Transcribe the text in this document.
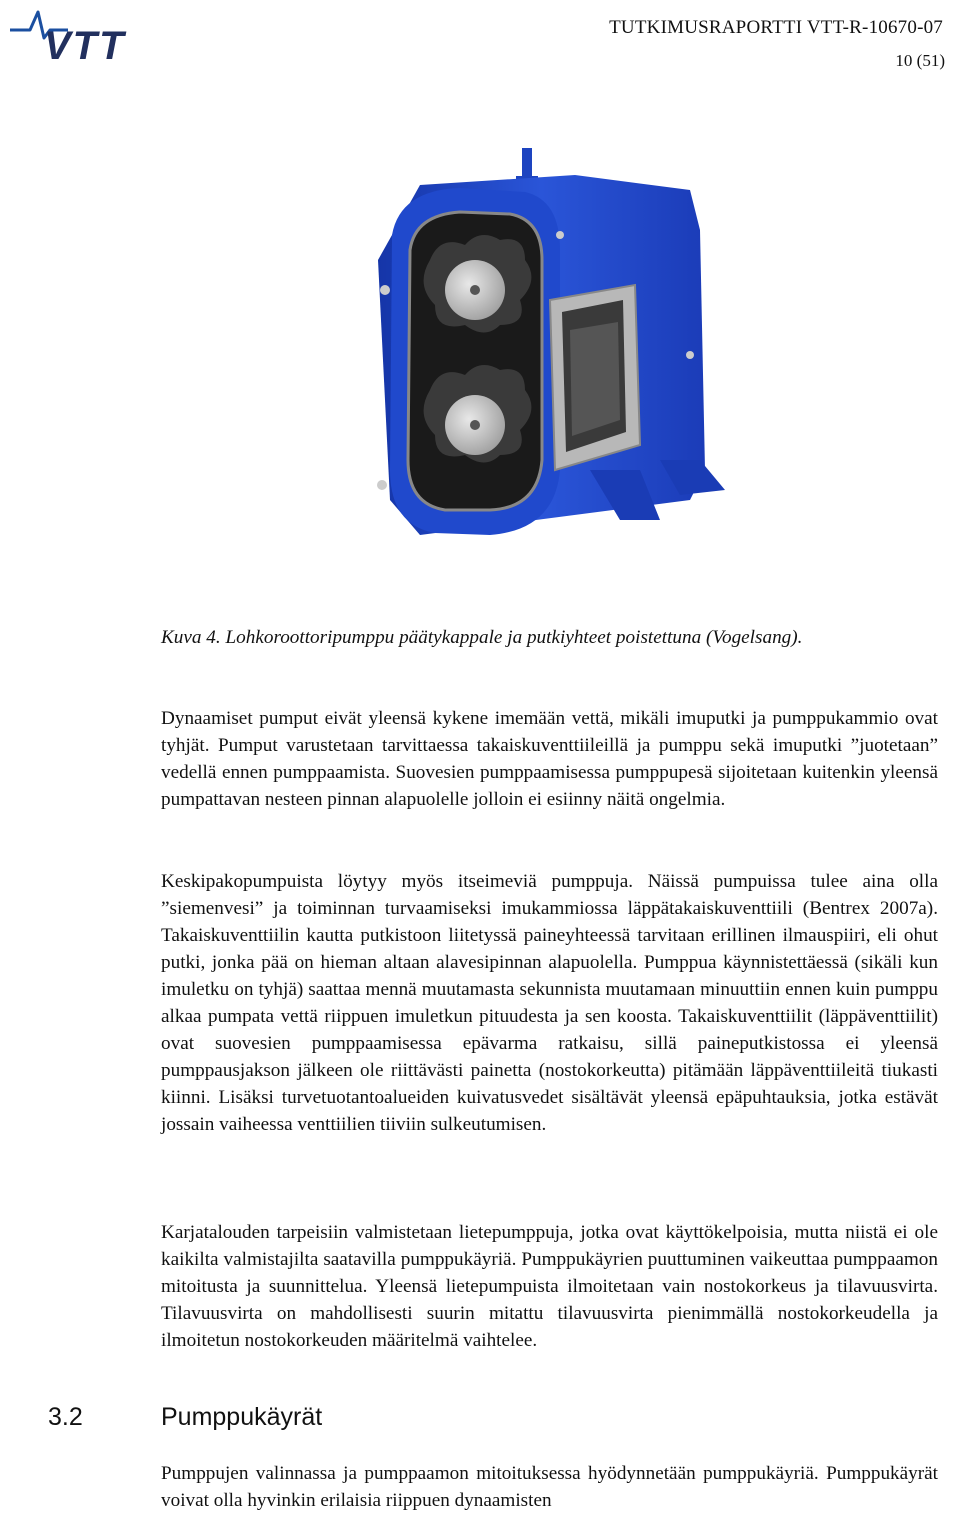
VTT	TUTKIMUSRAPORTTI VTT-R-10670-07
10 (51)
Kuva 4. Lohkoroottoripumppu päätykappale ja putkiyhteet poistettuna (Vogelsang).
Dynaamiset pumput eivät yleensä kykene imemään vettä, mikäli imuputki ja pumppukammio ovat tyhjät. Pumput varustetaan tarvittaessa takaiskuventtiileillä ja pumppu sekä imuputki ”juotetaan” vedellä ennen pumppaamista. Suovesien pumppaamisessa pumppupesä sijoitetaan kuitenkin yleensä pumpattavan nesteen pinnan alapuolelle jolloin ei esiinny näitä ongelmia.
Keskipakopumpuista löytyy myös itseimeviä pumppuja. Näissä pumpuissa tulee aina olla ”siemenvesi” ja toiminnan turvaamiseksi imukammiossa läppätakaiskuventtiili (Bentrex 2007a). Takaiskuventtiilin kautta putkistoon liitetyssä paineyhteessä tarvitaan erillinen ilmauspiiri, eli ohut putki, jonka pää on hieman altaan alavesipinnan alapuolella. Pumppua käynnistettäessä (sikäli kun imuletku on tyhjä) saattaa mennä muutamasta sekunnista muutamaan minuuttiin ennen kuin pumppu alkaa pumpata vettä riippuen imuletkun pituudesta ja sen koosta. Takaiskuventtiilit (läppäventtiilit) ovat suovesien pumppaamisessa epävarma ratkaisu, sillä paineputkistossa ei yleensä pumppausjakson jälkeen ole riittävästi painetta (nostokorkeutta) pitämään läppäventtiileitä tiukasti kiinni. Lisäksi turvetuotantoalueiden kuivatusvedet sisältävät yleensä epäpuhtauksia, jotka estävät jossain vaiheessa venttiilien tiiviin sulkeutumisen.
Karjatalouden tarpeisiin valmistetaan lietepumppuja, jotka ovat käyttökelpoisia, mutta niistä ei ole kaikilta valmistajilta saatavilla pumppukäyriä. Pumppukäyrien puuttuminen vaikeuttaa pumppaamon mitoitusta ja suunnittelua. Yleensä lietepumpuista ilmoitetaan vain nostokorkeus ja tilavuusvirta. Tilavuusvirta on mahdollisesti suurin mitattu tilavuusvirta pienimmällä nostokorkeudella ja ilmoitetun nostokorkeuden määritelmä vaihtelee.
3.2	Pumppukäyrät
Pumppujen valinnassa ja pumppaamon mitoituksessa hyödynnetään pumppukäyriä. Pumppukäyrät voivat olla hyvinkin erilaisia riippuen dynaamisten
